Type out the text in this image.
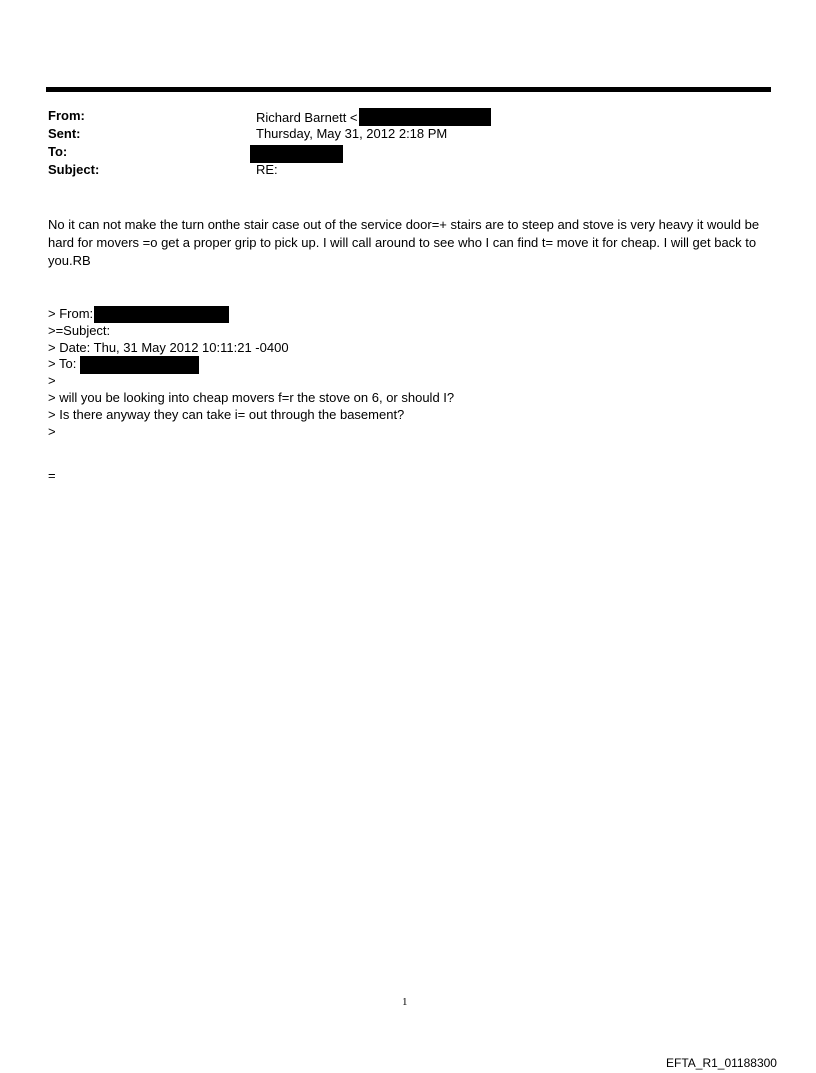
From:	Richard Barnett <
Sent:	Thursday, May 31, 2012 2:18 PM
To:
Subject:	RE:
No it can not make the turn onthe stair case out of the service door=+ stairs are to steep and stove is very heavy it would be hard for movers =o get a proper grip to pick up. I will call around to see who I can find t= move it for cheap. I will get back to you.RB
> From:
>=Subject:
> Date: Thu, 31 May 2012 10:11:21 -0400
> To:
>
> will you be looking into cheap movers f=r the stove on 6, or should I?
> Is there anyway they can take i= out through the basement?
>
=
1
EFTA_R1_01188300
